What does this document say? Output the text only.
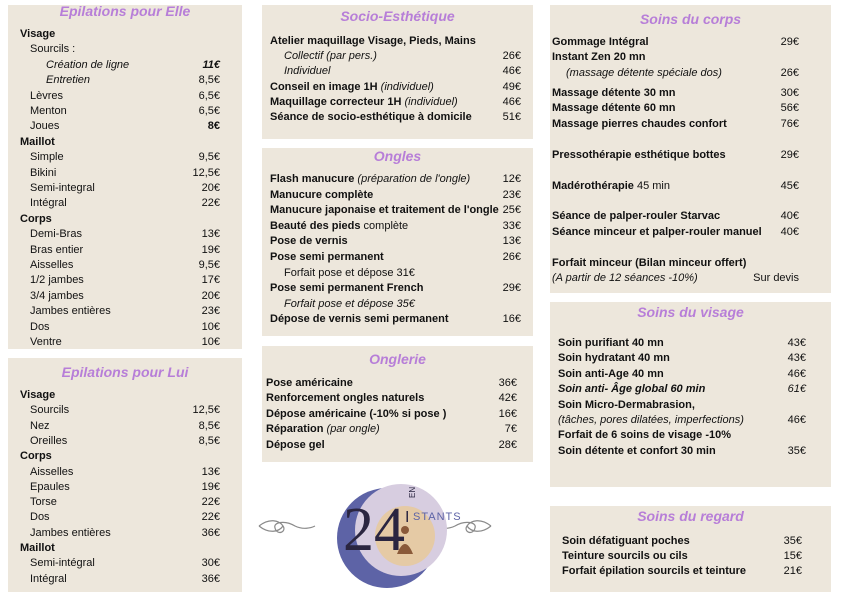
Epilations pour Elle
Visage
Sourcils :
Création de ligne	11€
Entretien	8,5€
Lèvres	6,5€
Menton	6,5€
Joues	8€
Maillot
Simple	9,5€
Bikini	12,5€
Semi-integral	20€
Intégral	22€
Corps
Demi-Bras	13€
Bras entier	19€
Aisselles	9,5€
1/2 jambes	17€
3/4 jambes	20€
Jambes entières	23€
Dos	10€
Ventre	10€
Epilations pour Lui
Visage
Sourcils	12,5€
Nez	8,5€
Oreilles	8,5€
Corps
Aisselles	13€
Epaules	19€
Torse	22€
Dos	22€
Jambes entières	36€
Maillot
Semi-intégral	30€
Intégral	36€
Socio-Esthétique
Atelier maquillage Visage, Pieds, Mains
Collectif (par pers.)	26€
Individuel	46€
Conseil en image 1H (individuel)	49€
Maquillage correcteur 1H (individuel)	46€
Séance de socio-esthétique à domicile	51€
Ongles
Flash manucure (préparation de l'ongle)	12€
Manucure complète	23€
Manucure japonaise et traitement de l'ongle 25€
Beauté des pieds complète	33€
Pose de vernis	13€
Pose semi permanent	26€
Forfait pose et dépose 31€
Pose semi permanent French	29€
Forfait pose et dépose 35€
Dépose de vernis semi permanent	16€
Onglerie
Pose américaine	36€
Renforcement ongles naturels	42€
Dépose américaine (-10% si pose )	16€
Réparation (par ongle)	7€
Dépose gel	28€
Soins du corps
Gommage Intégral	29€
Instant Zen 20 mn
(massage détente spéciale dos)	26€
Massage détente 30 mn	30€
Massage détente 60 mn	56€
Massage pierres chaudes confort	76€
Pressothérapie esthétique bottes	29€
Madérothérapie 45 min	45€
Séance de palper-rouler Starvac	40€
Séance minceur et palper-rouler manuel 40€
Forfait minceur (Bilan minceur offert)
(A partir de 12 séances -10%)	Sur devis
Soins du visage
Soin purifiant 40 mn	43€
Soin hydratant 40 mn	43€
Soin anti-Age 40 mn	46€
Soin anti- Âge global 60 min	61€
Soin Micro-Dermabrasion,
(tâches, pores dilatées, imperfections)	46€
Forfait de 6 soins de visage -10%
Soin détente et confort 30 min	35€
Soins du regard
Soin défatiguant poches	35€
Teinture sourcils ou cils	15€
Forfait épilation sourcils et teinture	21€
24
EN
I STANTS
